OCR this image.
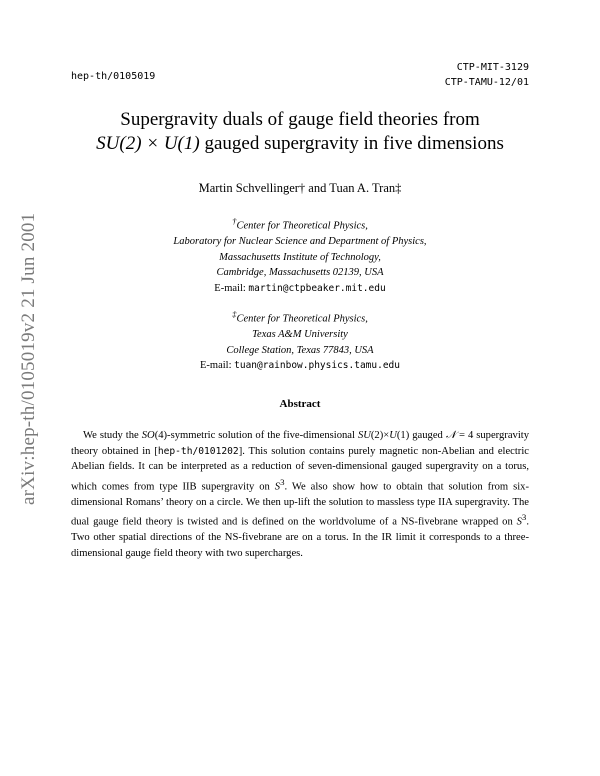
arXiv:hep-th/0105019v2 21 Jun 2001
hep-th/0105019
CTP-MIT-3129
CTP-TAMU-12/01
Supergravity duals of gauge field theories from
SU(2) × U(1) gauged supergravity in five dimensions
Martin Schvellinger† and Tuan A. Tran‡
†Center for Theoretical Physics,
Laboratory for Nuclear Science and Department of Physics,
Massachusetts Institute of Technology,
Cambridge, Massachusetts 02139, USA
E-mail: martin@ctpbeaker.mit.edu
‡Center for Theoretical Physics,
Texas A&M University
College Station, Texas 77843, USA
E-mail: tuan@rainbow.physics.tamu.edu
Abstract
We study the SO(4)-symmetric solution of the five-dimensional SU(2)×U(1) gauged 𝒩 = 4 supergravity theory obtained in [hep-th/0101202]. This solution contains purely magnetic non-Abelian and electric Abelian fields. It can be interpreted as a reduction of seven-dimensional gauged supergravity on a torus, which comes from type IIB supergravity on $S^3$. We also show how to obtain that solution from six-dimensional Romans’ theory on a circle. We then up-lift the solution to massless type IIA supergravity. The dual gauge field theory is twisted and is defined on the worldvolume of a NS-fivebrane wrapped on $S^3$. Two other spatial directions of the NS-fivebrane are on a torus. In the IR limit it corresponds to a three-dimensional gauge field theory with two supercharges.
